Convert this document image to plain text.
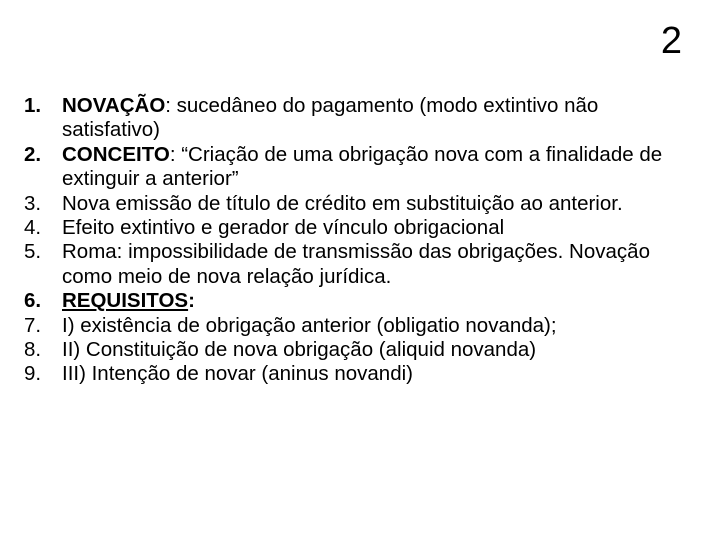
2
1.	NOVAÇÃO: sucedâneo do pagamento (modo extintivo não satisfativo)
2.	CONCEITO: “Criação de uma obrigação nova com a finalidade de extinguir a anterior”
3.	Nova emissão de título de crédito em substituição ao anterior.
4.	Efeito extintivo e gerador de vínculo obrigacional
5.	Roma: impossibilidade de transmissão das obrigações. Novação como meio de nova relação jurídica.
6.	REQUISITOS:
7.	I) existência de obrigação anterior (obligatio novanda);
8.	II) Constituição de nova obrigação (aliquid novanda)
9.	III) Intenção de novar (aninus novandi)
